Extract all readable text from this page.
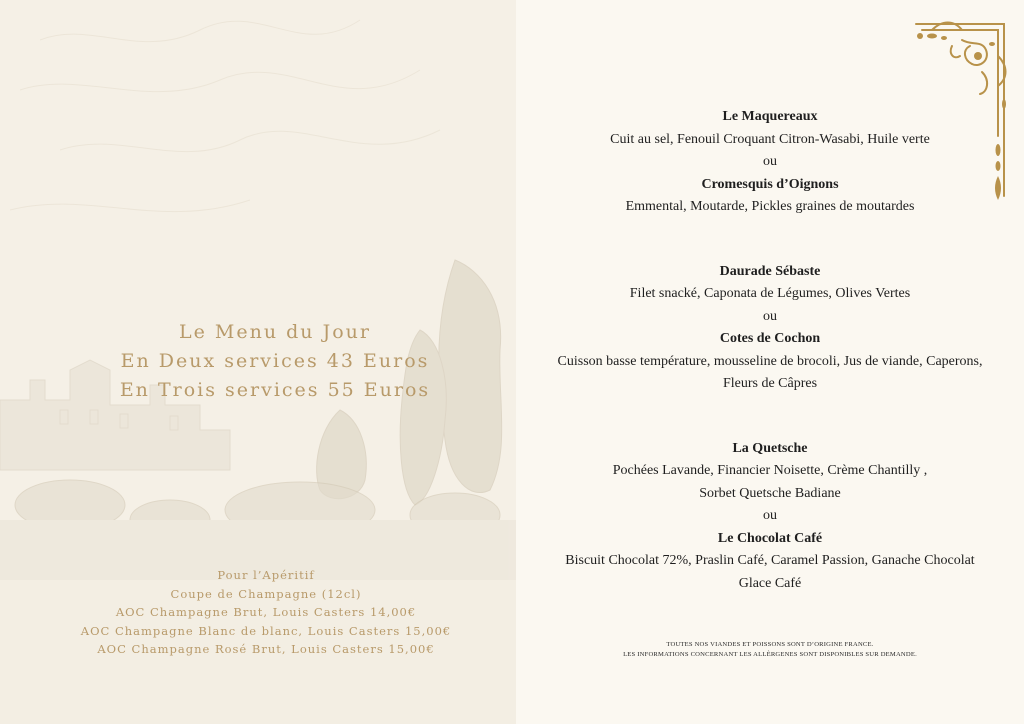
Le Menu du Jour
En Deux services 43 Euros
En Trois services 55 Euros
Pour l’Apéritif
Coupe de Champagne (12cl)
AOC Champagne Brut, Louis Casters 14,00€
AOC Champagne Blanc de blanc, Louis Casters 15,00€
AOC Champagne Rosé Brut, Louis Casters 15,00€
Le Maquereaux
Cuit au sel, Fenouil Croquant Citron-Wasabi, Huile verte
ou
Cromesquis d’Oignons
Emmental, Moutarde, Pickles graines de moutardes
Daurade Sébaste
Filet snacké, Caponata de Légumes, Olives Vertes
ou
Cotes de Cochon
Cuisson basse température, mousseline de brocoli, Jus de viande, Caperons,
Fleurs de Câpres
La Quetsche
Pochées Lavande, Financier Noisette, Crème Chantilly ,
Sorbet Quetsche Badiane
ou
Le Chocolat Café
Biscuit Chocolat 72%, Praslin Café, Caramel Passion, Ganache Chocolat
Glace Café
TOUTES NOS VIANDES ET POISSONS SONT D’ORIGINE FRANCE.
LES INFORMATIONS CONCERNANT LES ALLÈRGENES SONT DISPONIBLES SUR DEMANDE.
